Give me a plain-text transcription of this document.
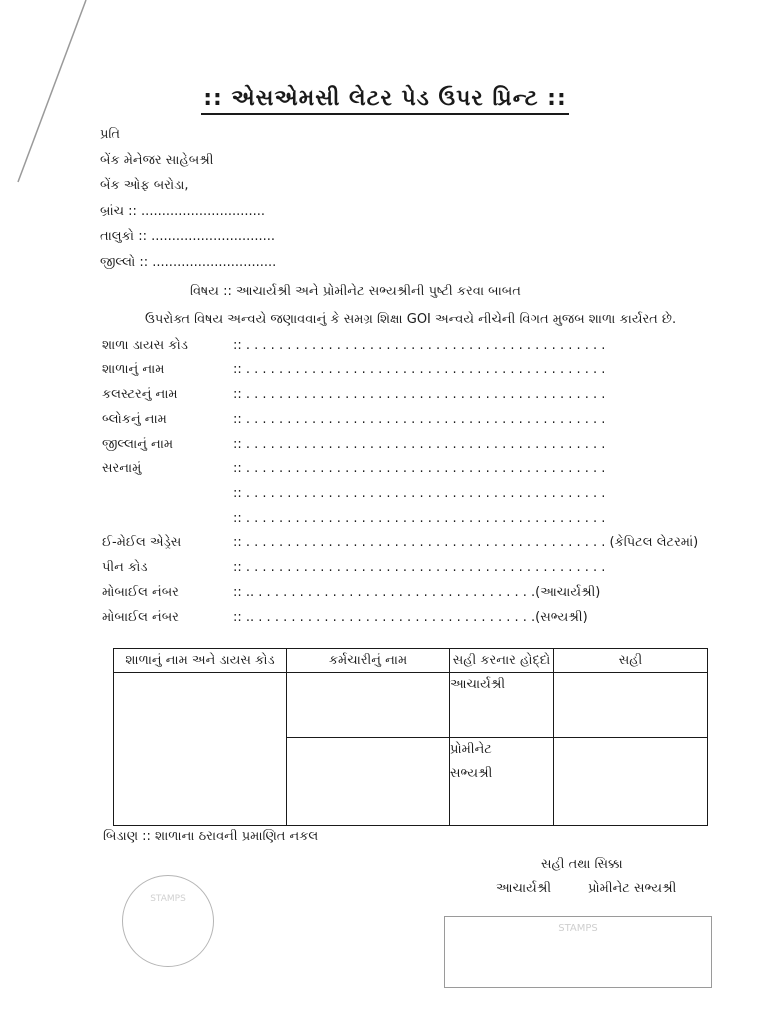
:: એસએમસી લેટર પેડ ઉપર પ્રિન્ટ ::
પ્રતિ
બેંક મેનેજર સાહેબશ્રી
બેંક ઓફ બરોડા,
બ્રાંચ :: ..............................
તાલુકો :: ..............................
જીલ્લો :: ..............................
વિષય :: આચાર્યશ્રી અને પ્રોમીનેટ સભ્યશ્રીની પુષ્ટી કરવા બાબત
ઉપરોક્ત વિષય અન્વયે જણાવવાનું કે સમગ્ર શિક્ષા GOI અન્વયે નીચેની વિગત મુજબ શાળા કાર્યરત છે.
શાળા ડાયસ કોડ	:: . . . . . . . . . . . . . . . . . . . . . . . . . . . . . . . . . . . . . . . . . . . .
શાળાનું નામ	:: . . . . . . . . . . . . . . . . . . . . . . . . . . . . . . . . . . . . . . . . . . . .
કલસ્ટરનું નામ	:: . . . . . . . . . . . . . . . . . . . . . . . . . . . . . . . . . . . . . . . . . . . .
બ્લોકનું નામ	:: . . . . . . . . . . . . . . . . . . . . . . . . . . . . . . . . . . . . . . . . . . . .
જીલ્લાનું નામ	:: . . . . . . . . . . . . . . . . . . . . . . . . . . . . . . . . . . . . . . . . . . . .
સરનામું	:: . . . . . . . . . . . . . . . . . . . . . . . . . . . . . . . . . . . . . . . . . . . .
:: . . . . . . . . . . . . . . . . . . . . . . . . . . . . . . . . . . . . . . . . . . . .
:: . . . . . . . . . . . . . . . . . . . . . . . . . . . . . . . . . . . . . . . . . . . .
ઈ-મેઈલ એડ્રેસ	:: . . . . . . . . . . . . . . . . . . . . . . . . . . . . . . . . . . . . . . . . . . . . (કેપિટલ લેટરમાં)
પીન કોડ	:: . . . . . . . . . . . . . . . . . . . . . . . . . . . . . . . . . . . . . . . . . . . .
મોબાઈલ નંબર	:: .. . . . . . . . . . . . . . . . . . . . . . . . . . . . . . . . . . .(આચાર્યશ્રી)
મોબાઈલ નંબર	:: .. . . . . . . . . . . . . . . . . . . . . . . . . . . . . . . . . . .(સભ્યશ્રી)
શાળાનું નામ અને ડાયસ કોડ	કર્મચારીનું નામ	સહી કરનાર હોદ્દો	સહી
		આચાર્યશ્રી	

		પ્રોમીનેટ
સભ્યશ્રી	

બિડાણ :: શાળાના ઠરાવની પ્રમાણિત નકલ
સહી તથા સિક્કા
આચાર્યશ્રી	પ્રોમીનેટ સભ્યશ્રી
STAMPS
STAMPS
